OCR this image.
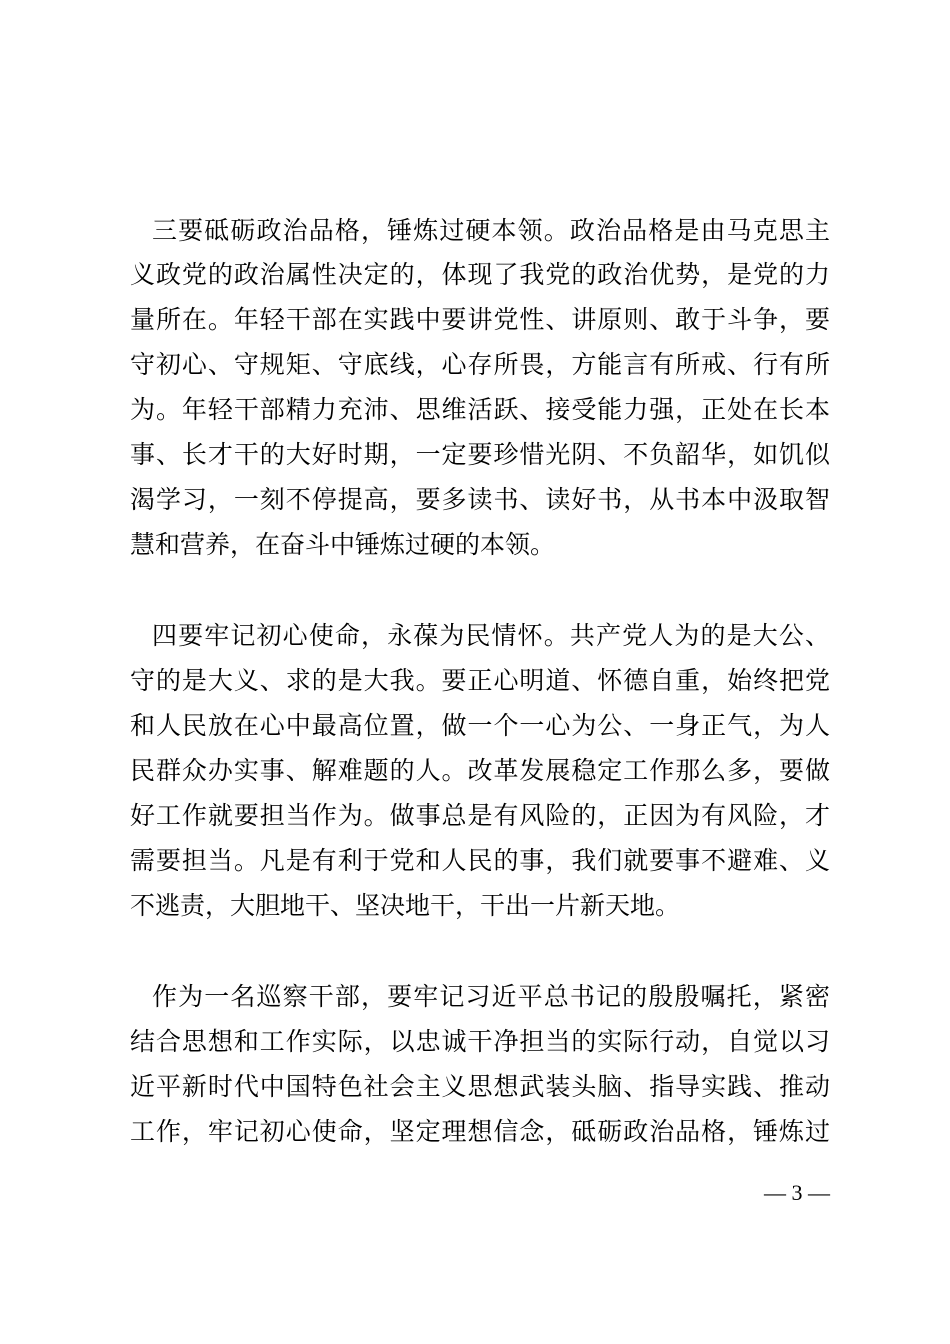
三要砥砺政治品格，锤炼过硬本领。政治品格是由马克思主
义政党的政治属性决定的，体现了我党的政治优势，是党的力
量所在。年轻干部在实践中要讲党性、讲原则、敢于斗争，要
守初心、守规矩、守底线，心存所畏，方能言有所戒、行有所
为。年轻干部精力充沛、思维活跃、接受能力强，正处在长本
事、长才干的大好时期，一定要珍惜光阴、不负韶华，如饥似
渴学习，一刻不停提高，要多读书、读好书，从书本中汲取智
慧和营养，在奋斗中锤炼过硬的本领。
四要牢记初心使命，永葆为民情怀。共产党人为的是大公、
守的是大义、求的是大我。要正心明道、怀德自重，始终把党
和人民放在心中最高位置，做一个一心为公、一身正气，为人
民群众办实事、解难题的人。改革发展稳定工作那么多，要做
好工作就要担当作为。做事总是有风险的，正因为有风险，才
需要担当。凡是有利于党和人民的事，我们就要事不避难、义
不逃责，大胆地干、坚决地干，干出一片新天地。
作为一名巡察干部，要牢记习近平总书记的殷殷嘱托，紧密
结合思想和工作实际，以忠诚干净担当的实际行动，自觉以习
近平新时代中国特色社会主义思想武装头脑、指导实践、推动
工作，牢记初心使命，坚定理想信念，砥砺政治品格，锤炼过
— 3 —
